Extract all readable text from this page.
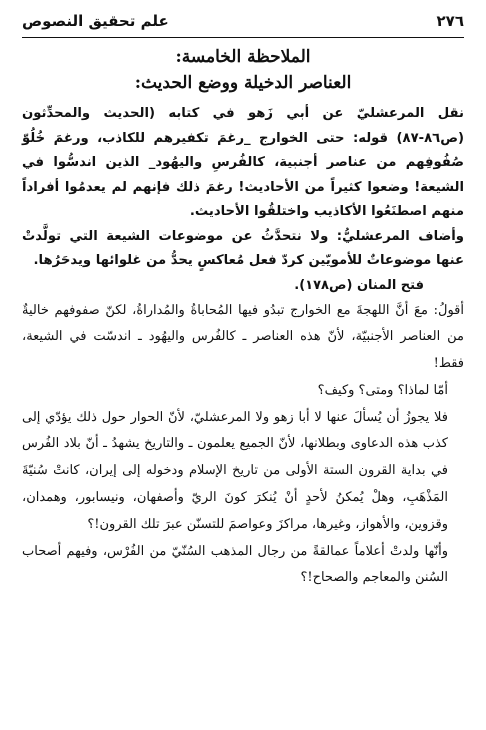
٢٧٦
علم تحقيق النصوص
الملاحظة الخامسة:
العناصر الدخيلة ووضع الحديث:

نقل المرعشليّ عن أبي زَهو في كتابه (الحديث والمحدِّثون (ص٨٦-٨٧) قوله: حتى الخوارج _رغمَ تكفيرهم للكاذب، ورغمَ خُلُوّ صُفُوفِهم من عناصر أجنبية، كالفُرسِ واليهُود_ الذين اندسُّوا في الشيعة! وضعوا كثيراً من الأحاديث! رغمَ ذلك فإنهم لم يعدمُوا أفراداً منهم اصطنَعُوا الأكاذيب واختلقُوا الأحاديث.

وأضاف المرعشليُّ: ولا نتحدَّثُ عن موضوعات الشيعة التي تولَّدتْ عنها موضوعاتٌ للأمويّين كردّ فعل مُعاكسٍ يحدُّ من غلوائها ويدحَرُها.

فتح المنان (ص١٧٨).

أقولُ: معَ أنَّ اللهجةَ مع الخوارج تبدُو فيها المُحاباةُ والمُداراةُ، لكنّ صفوفهم خاليةٌ من العناصر الأجنبيّة، لأنّ هذه العناصر ـ كالفُرس واليهُود ـ اندسّت في الشيعة، فقط!

أمّا لماذا؟ ومتى؟ وكيف؟

فلا يجوزُ أن يُسألَ عنها لا أبا زهو ولا المرعشليّ، لأنّ الحوار حول ذلك يؤدّي إلى كذب هذه الدعاوى وبطلانها، لأنّ الجميع يعلمون ـ والتاريخ يشهدُ ـ أنّ بلاد الفُرس في بداية القرون الستة الأولى من تاريخ الإسلام ودخوله إلى إيران، كانتْ سُنيّةَ المَذْهَبِ، وهلْ يُمكنُ لأحدٍ أنْ يُنكرَ كونَ الريّ وأصفهان، ونيسابور، وهمدان، وقزوين، والأهواز، وغيرها، مراكزَ وعواصمَ للتسنّن عبرَ تلك القرون!؟

وأنّها ولدتْ أعلاماً عمالقةً من رجال المذهب السُنّيّ من الفُرْس، وفيهم أصحاب السُنن والمعاجم والصحاح!؟
